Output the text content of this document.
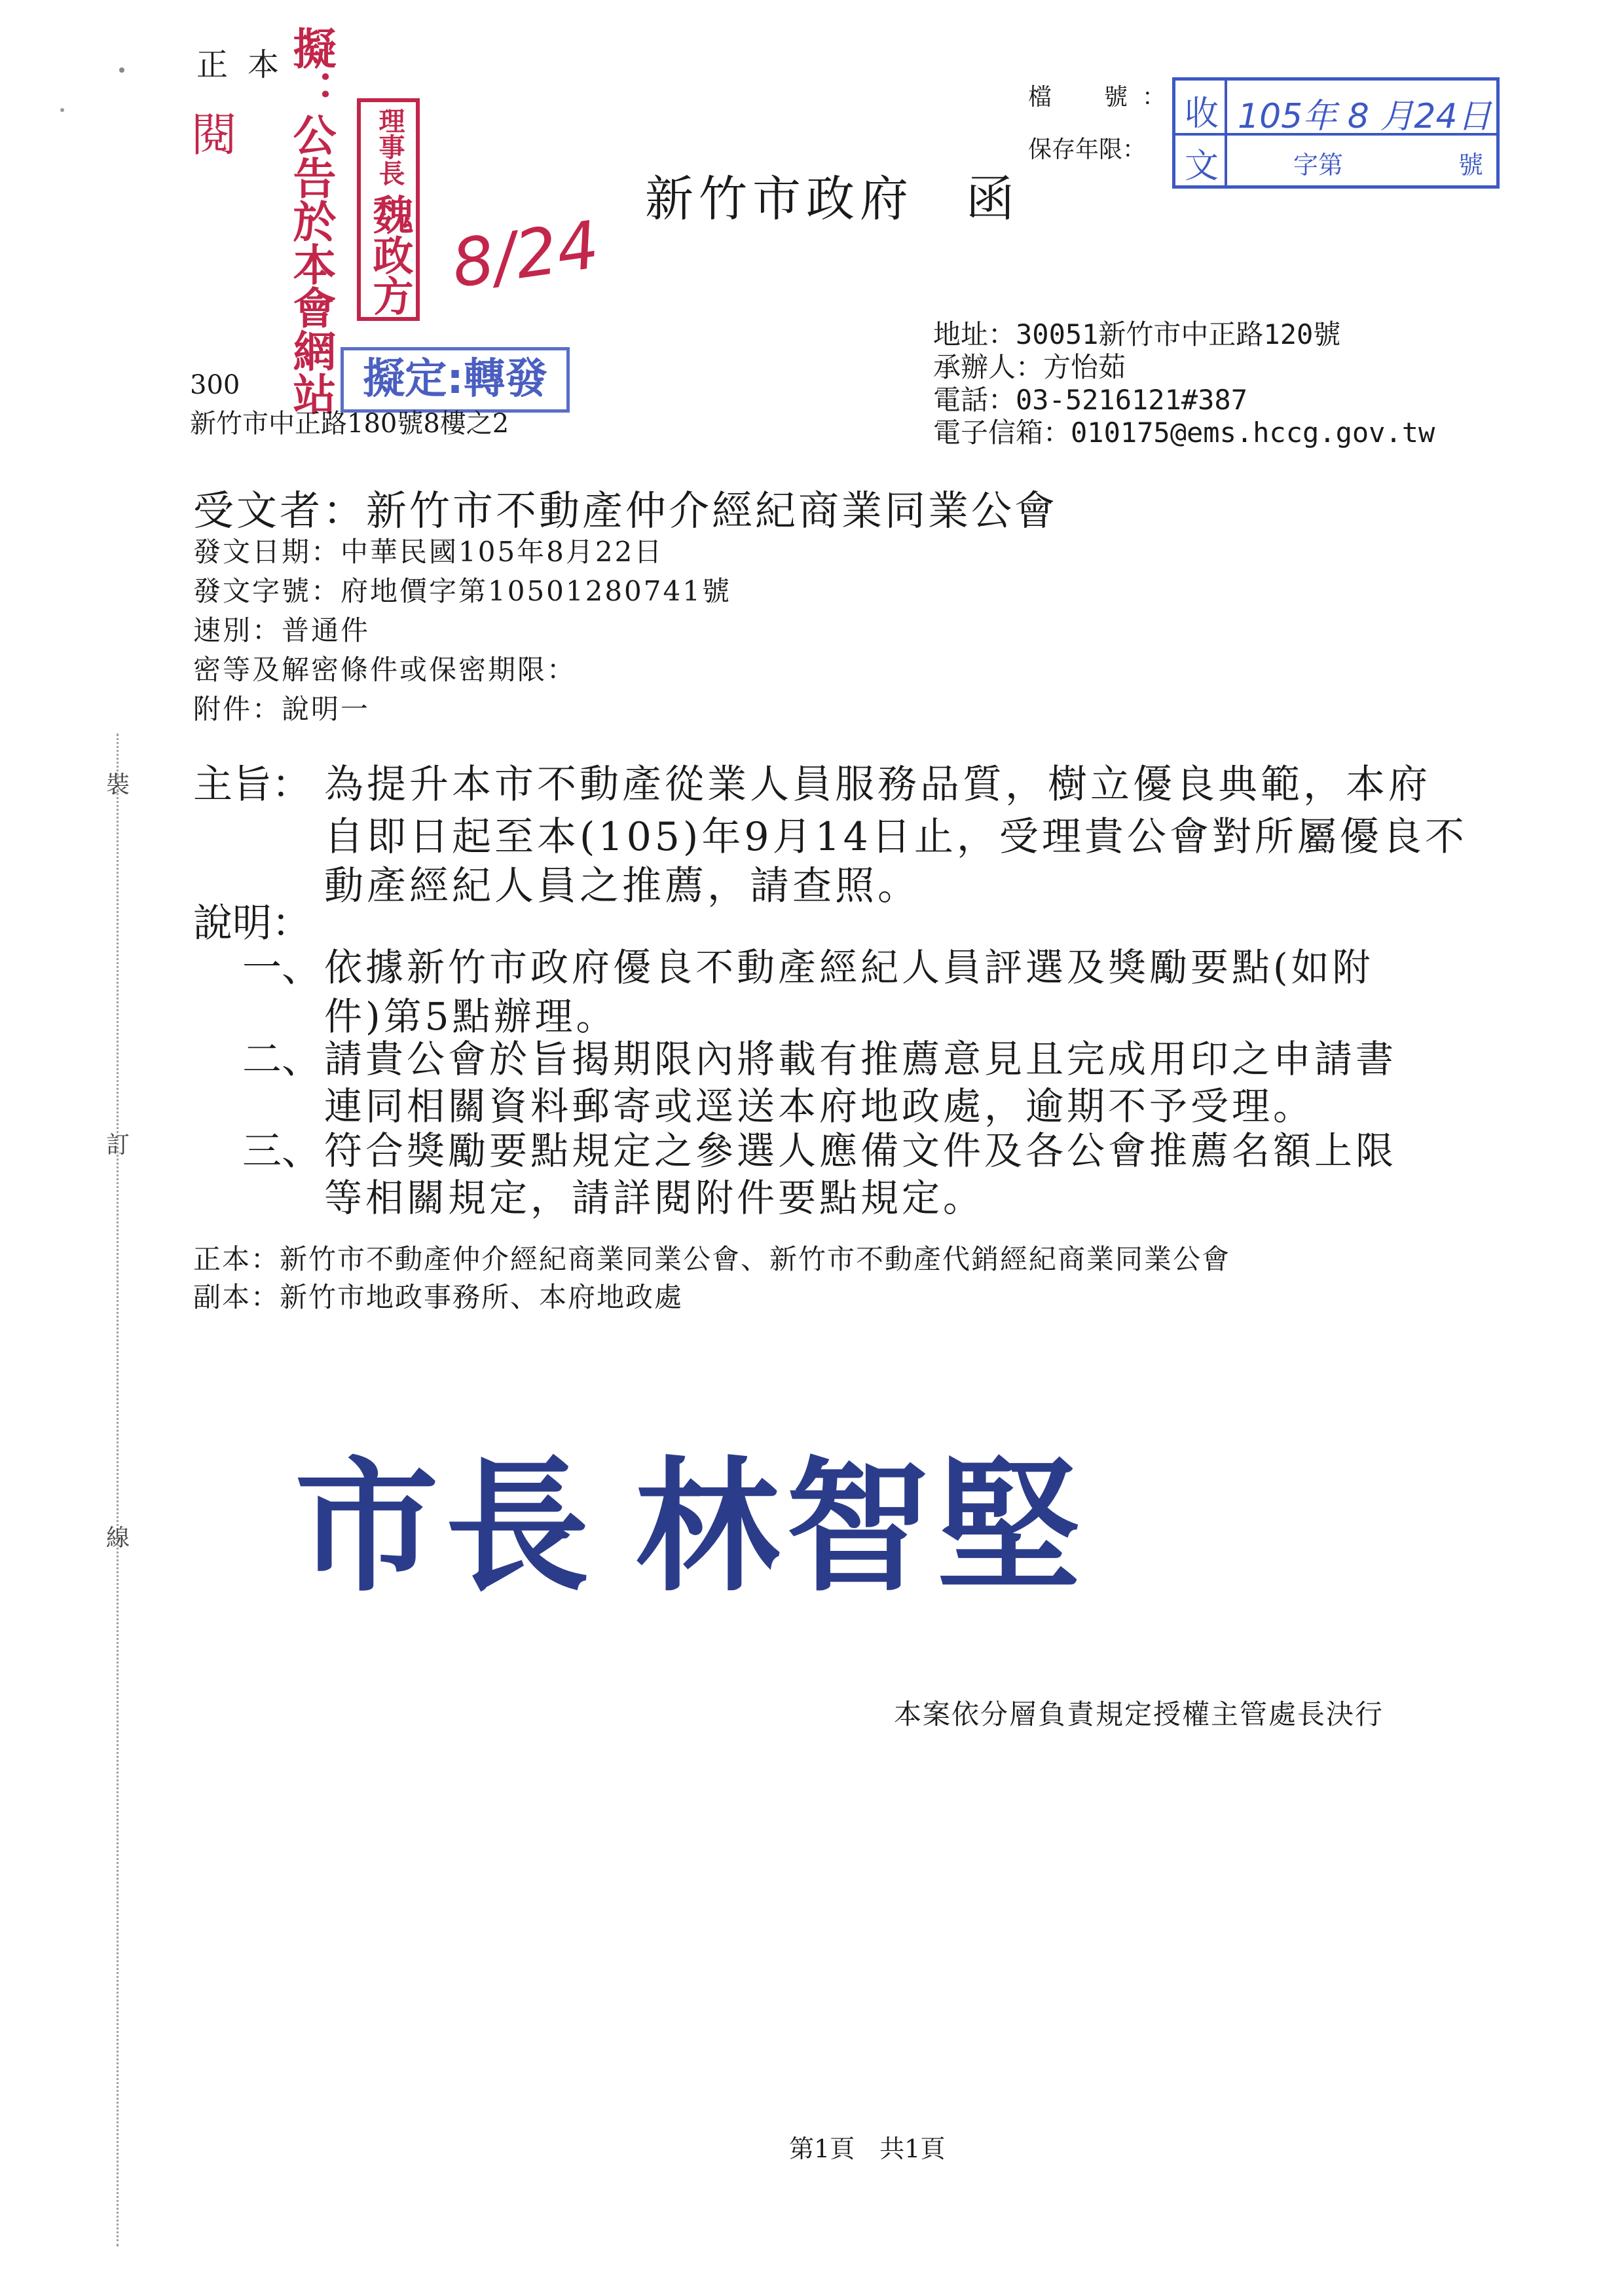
正本
閱 擬：公告於本會網站 理事長
魏政方 8/24
擬定:轉發
檔　號：
保存年限：
收
文
105年 8 月24日
字第	號
新竹市政府 函
地址：30051新竹市中正路120號
承辦人：方怡茹
電話：03-5216121#387
電子信箱：010175@ems.hccg.gov.tw
300
新竹市中正路180號8樓之2
受文者：新竹市不動產仲介經紀商業同業公會
發文日期：中華民國105年8月22日
發文字號：府地價字第10501280741號
速別：普通件
密等及解密條件或保密期限：
附件：說明一
主旨： 為提升本市不動產從業人員服務品質，樹立優良典範，本府
自即日起至本(105)年9月14日止，受理貴公會對所屬優良不
動產經紀人員之推薦，請查照。
說明：
一、 依據新竹市政府優良不動產經紀人員評選及獎勵要點(如附
件)第5點辦理。
二、 請貴公會於旨揭期限內將載有推薦意見且完成用印之申請書
連同相關資料郵寄或逕送本府地政處，逾期不予受理。
三、 符合獎勵要點規定之參選人應備文件及各公會推薦名額上限
等相關規定，請詳閱附件要點規定。
正本：新竹市不動產仲介經紀商業同業公會、新竹市不動產代銷經紀商業同業公會
副本：新竹市地政事務所、本府地政處
市長 林智堅
本案依分層負責規定授權主管處長決行
裝
訂
線
第1頁　共1頁
